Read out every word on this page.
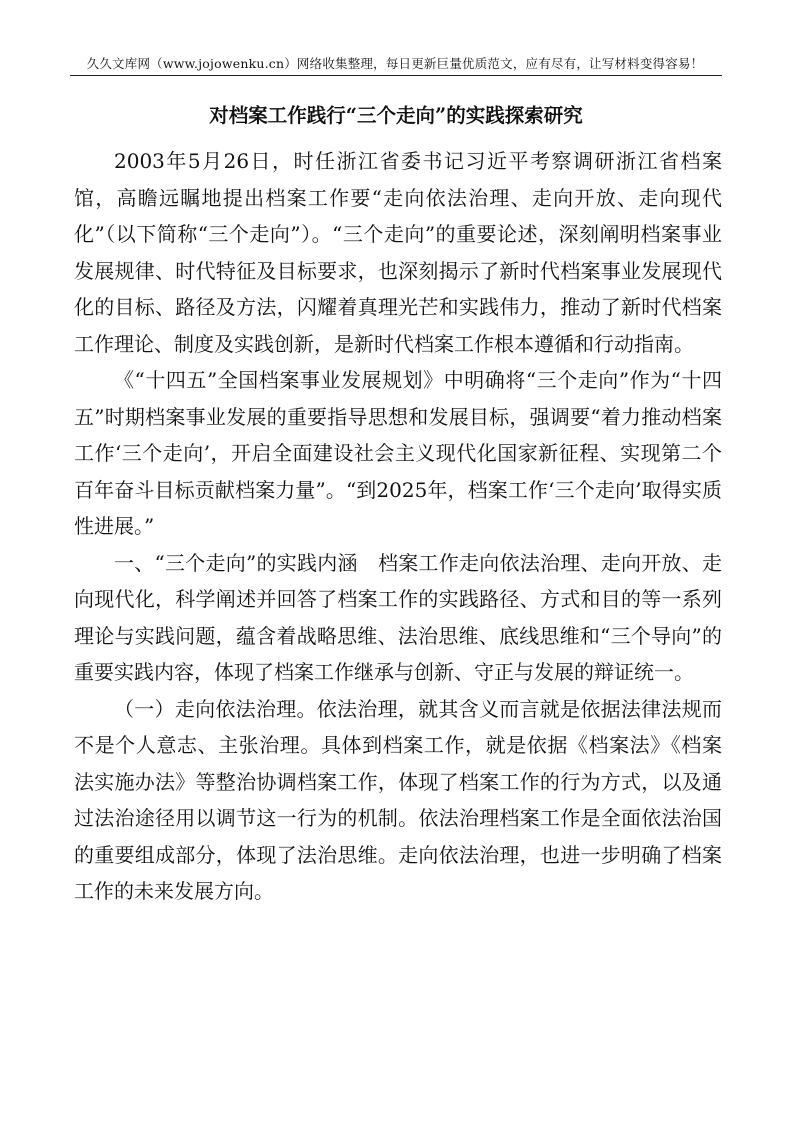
久久文库网（www.jojowenku.cn）网络收集整理，每日更新巨量优质范文，应有尽有，让写材料变得容易！
对档案工作践行“三个走向”的实践探索研究

2003年5月26日，时任浙江省委书记习近平考察调研浙江省档案馆，高瞻远瞩地提出档案工作要“走向依法治理、走向开放、走向现代化”（以下简称“三个走向”）。“三个走向”的重要论述，深刻阐明档案事业发展规律、时代特征及目标要求，也深刻揭示了新时代档案事业发展现代化的目标、路径及方法，闪耀着真理光芒和实践伟力，推动了新时代档案工作理论、制度及实践创新，是新时代档案工作根本遵循和行动指南。

《“十四五”全国档案事业发展规划》中明确将“三个走向”作为“十四五”时期档案事业发展的重要指导思想和发展目标，强调要“着力推动档案工作‘三个走向’，开启全面建设社会主义现代化国家新征程、实现第二个百年奋斗目标贡献档案力量”。“到2025年，档案工作‘三个走向’取得实质性进展。”

一、“三个走向”的实践内涵　档案工作走向依法治理、走向开放、走向现代化，科学阐述并回答了档案工作的实践路径、方式和目的等一系列理论与实践问题，蕴含着战略思维、法治思维、底线思维和“三个导向”的重要实践内容，体现了档案工作继承与创新、守正与发展的辩证统一。

（一）走向依法治理。依法治理，就其含义而言就是依据法律法规而不是个人意志、主张治理。具体到档案工作，就是依据《档案法》《档案法实施办法》等整治协调档案工作，体现了档案工作的行为方式，以及通过法治途径用以调节这一行为的机制。依法治理档案工作是全面依法治国的重要组成部分，体现了法治思维。走向依法治理，也进一步明确了档案工作的未来发展方向。
